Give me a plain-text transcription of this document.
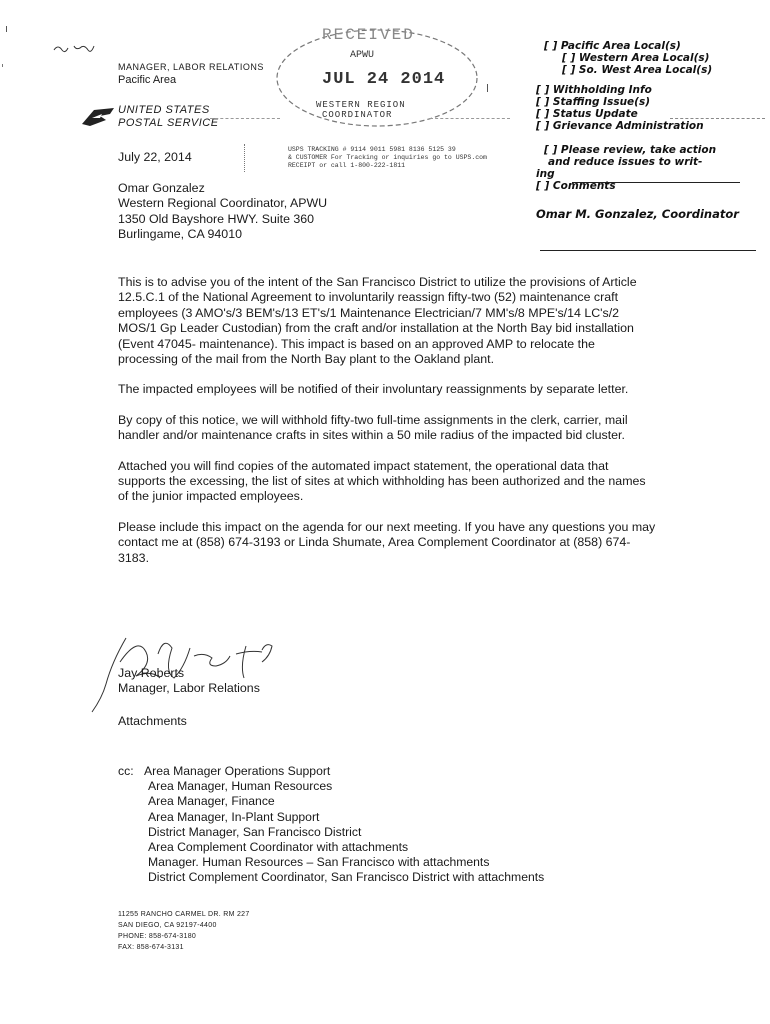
MANAGER, LABOR RELATIONS
Pacific Area
UNITED STATES
POSTAL SERVICE
RECEIVED
APWU
JUL 24 2014
WESTERN REGION
COORDINATOR
USPS TRACKING # 9114 9011 5981 8136 5125 39
& CUSTOMER For Tracking or inquiries go to USPS.com
RECEIPT or call 1-800-222-1811
[ ] Pacific Area Local(s)
[ ] Western Area Local(s)
[ ] So. West Area Local(s)
[ ] Withholding Info
[ ] Staffing Issue(s)
[ ] Status Update
[ ] Grievance Administration
[ ] Please review, take action
and reduce issues to writ-
ing
[ ] Comments
Omar M. Gonzalez, Coordinator
July 22, 2014
Omar Gonzalez
Western Regional Coordinator, APWU
1350 Old Bayshore HWY. Suite 360
Burlingame, CA 94010

This is to advise you of the intent of the San Francisco District to utilize the provisions of Article 12.5.C.1 of the National Agreement to involuntarily reassign fifty-two (52) maintenance craft employees (3 AMO's/3 BEM's/13 ET's/1 Maintenance Electrician/7 MM's/8 MPE's/14 LC's/2 MOS/1 Gp Leader Custodian) from the craft and/or installation at the North Bay bid installation (Event 47045- maintenance). This impact is based on an approved AMP to relocate the processing of the mail from the North Bay plant to the Oakland plant.

The impacted employees will be notified of their involuntary reassignments by separate letter.

By copy of this notice, we will withhold fifty-two full-time assignments in the clerk, carrier, mail handler and/or maintenance crafts in sites within a 50 mile radius of the impacted bid cluster.

Attached you will find copies of the automated impact statement, the operational data that supports the excessing, the list of sites at which withholding has been authorized and the names of the junior impacted employees.

Please include this impact on the agenda for our next meeting. If you have any questions you may contact me at (858) 674-3193 or Linda Shumate, Area Complement Coordinator at (858) 674-3183.

Jay Roberts
Manager, Labor Relations
Attachments
cc: Area Manager Operations Support
Area Manager, Human Resources
Area Manager, Finance
Area Manager, In-Plant Support
District Manager, San Francisco District
Area Complement Coordinator with attachments
Manager. Human Resources – San Francisco with attachments
District Complement Coordinator, San Francisco District with attachments
11255 RANCHO CARMEL DR. RM 227
SAN DIEGO, CA 92197-4400
PHONE: 858-674-3180
FAX: 858-674-3131
